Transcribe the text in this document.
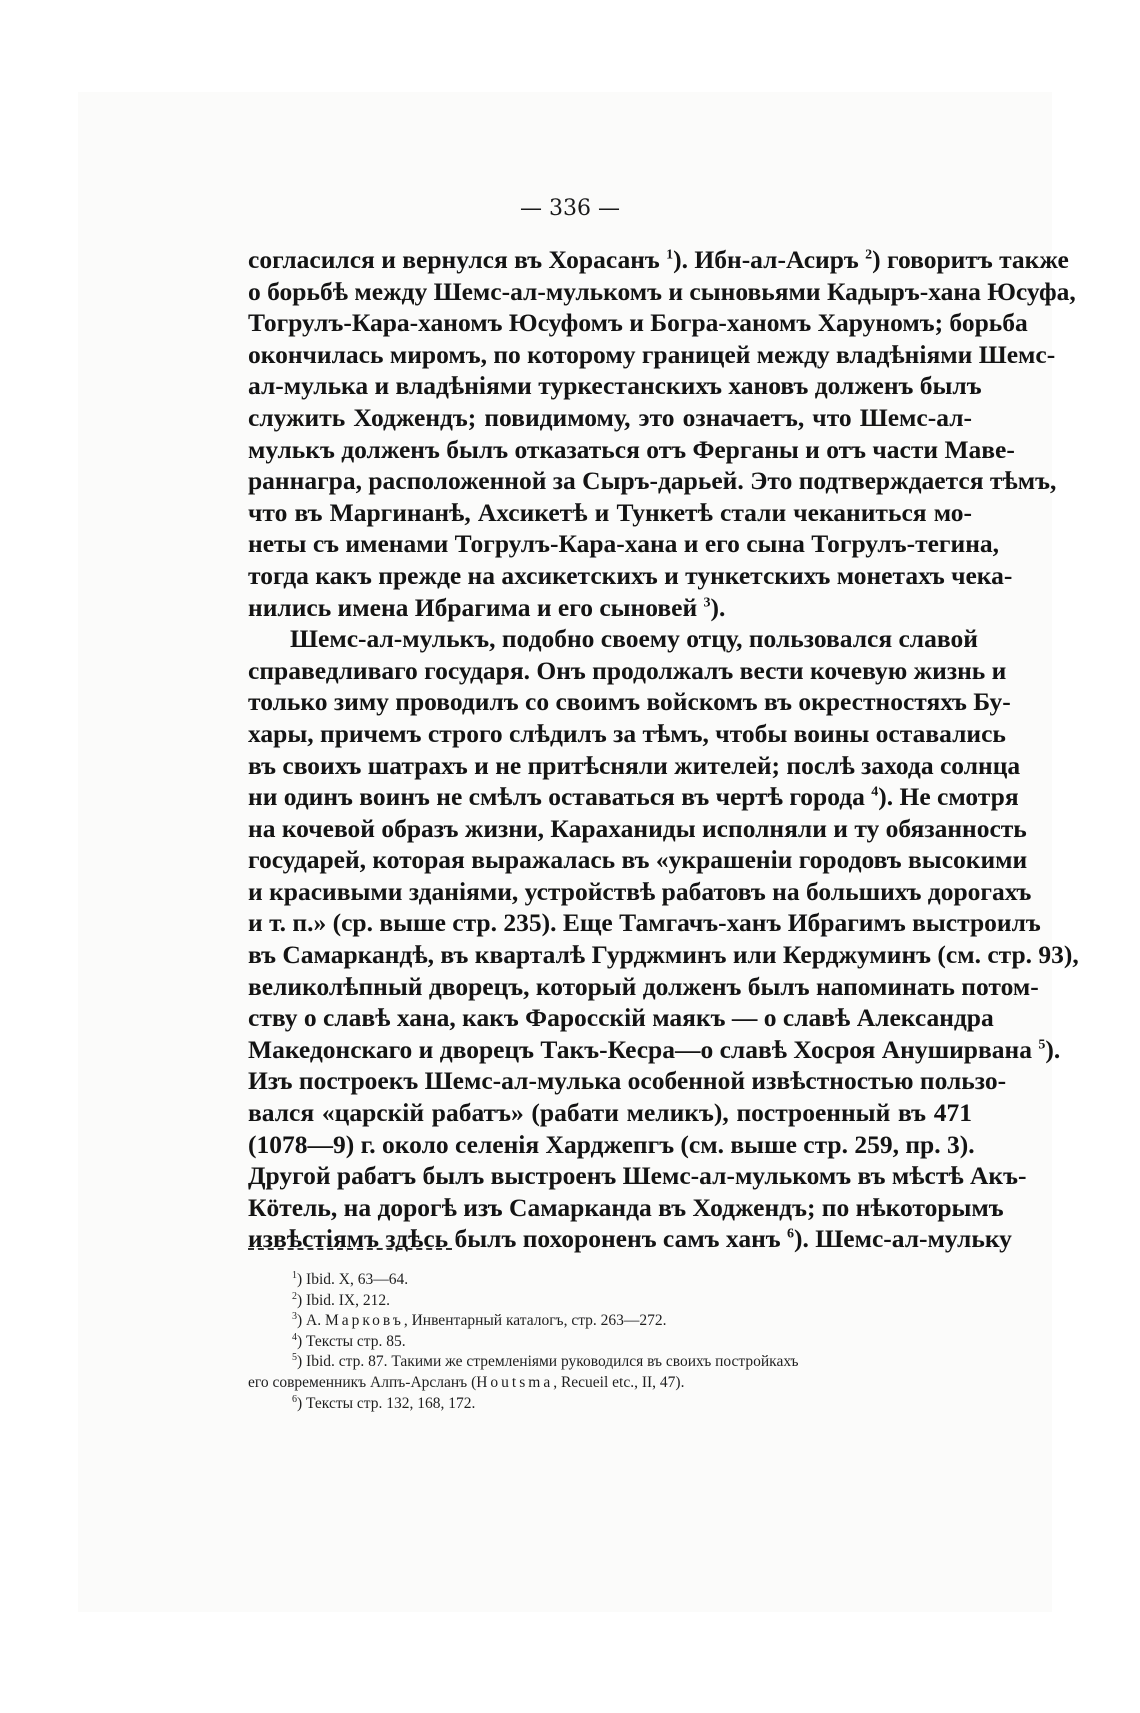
— 336 —

согласился и вернулся въ Хорасанъ $^1$). Ибн-ал-Асиръ $^2$) говоритъ также
о борьбѣ между Шемс-ал-мулькомъ и сыновьями Кадыръ-хана Юсуфа,
Тогрулъ-Кара-ханомъ Юсуфомъ и Богра-ханомъ Харуномъ; борьба
окончилась миромъ, по которому границей между владѣніями Шемс-
ал-мулька и владѣніями туркестанскихъ хановъ долженъ былъ
служить Ходжендъ; повидимому, это означаетъ, что Шемс-ал-
мулькъ долженъ былъ отказаться отъ Ферганы и отъ части Маве-
раннагра, расположенной за Сыръ-дарьей. Это подтверждается тѣмъ,
что въ Маргинанѣ, Ахсикетѣ и Тункетѣ стали чеканиться мо-
неты съ именами Тогрулъ-Кара-хана и его сына Тогрулъ-тегина,
тогда какъ прежде на ахсикетскихъ и тункетскихъ монетахъ чека-
нились имена Ибрагима и его сыновей $^3$).
Шемс-ал-мулькъ, подобно своему отцу, пользовался славой
справедливаго государя. Онъ продолжалъ вести кочевую жизнь и
только зиму проводилъ со своимъ войскомъ въ окрестностяхъ Бу-
хары, причемъ строго слѣдилъ за тѣмъ, чтобы воины оставались
въ своихъ шатрахъ и не притѣсняли жителей; послѣ захода солнца
ни одинъ воинъ не смѣлъ оставаться въ чертѣ города $^4$). Не смотря
на кочевой образъ жизни, Караханиды исполняли и ту обязанность
государей, которая выражалась въ «украшеніи городовъ высокими
и красивыми зданіями, устройствѣ рабатовъ на большихъ дорогахъ
и т. п.» (ср. выше стр. 235). Еще Тамгачъ-ханъ Ибрагимъ выстроилъ
въ Самаркандѣ, въ кварталѣ Гурджминъ или Керджуминъ (см. стр. 93),
великолѣпный дворецъ, который долженъ былъ напоминать потом-
ству о славѣ хана, какъ Фаросскій маякъ — о славѣ Александра
Македонскаго и дворецъ Такъ-Кесра—о славѣ Хосроя Ануширвана $^5$).
Изъ построекъ Шемс-ал-мулька особенной извѣстностью пользо-
вался «царскій рабатъ» (рабати меликъ), построенный въ 471
(1078—9) г. около селенія Харджепгъ (см. выше стр. 259, пр. 3).
Другой рабатъ былъ выстроенъ Шемс-ал-мулькомъ въ мѣстѣ Акъ-
Кӧтель, на дорогѣ изъ Самарканда въ Ходжендъ; по нѣкоторымъ
извѣстіямъ здѣсь былъ похороненъ самъ ханъ $^6$). Шемс-ал-мульку
$^1$) Ibid. X, 63—64.
$^2$) Ibid. IX, 212.
$^3$) А. Марковъ, Инвентарный каталогъ, стр. 263—272.
$^4$) Тексты стр. 85.
$^5$) Ibid. стр. 87. Такими же стремленіями руководился въ своихъ постройкахъ
его современникъ Алпъ-Арсланъ (Houtsma, Recueil etc., II, 47).
$^6$) Тексты стр. 132, 168, 172.
